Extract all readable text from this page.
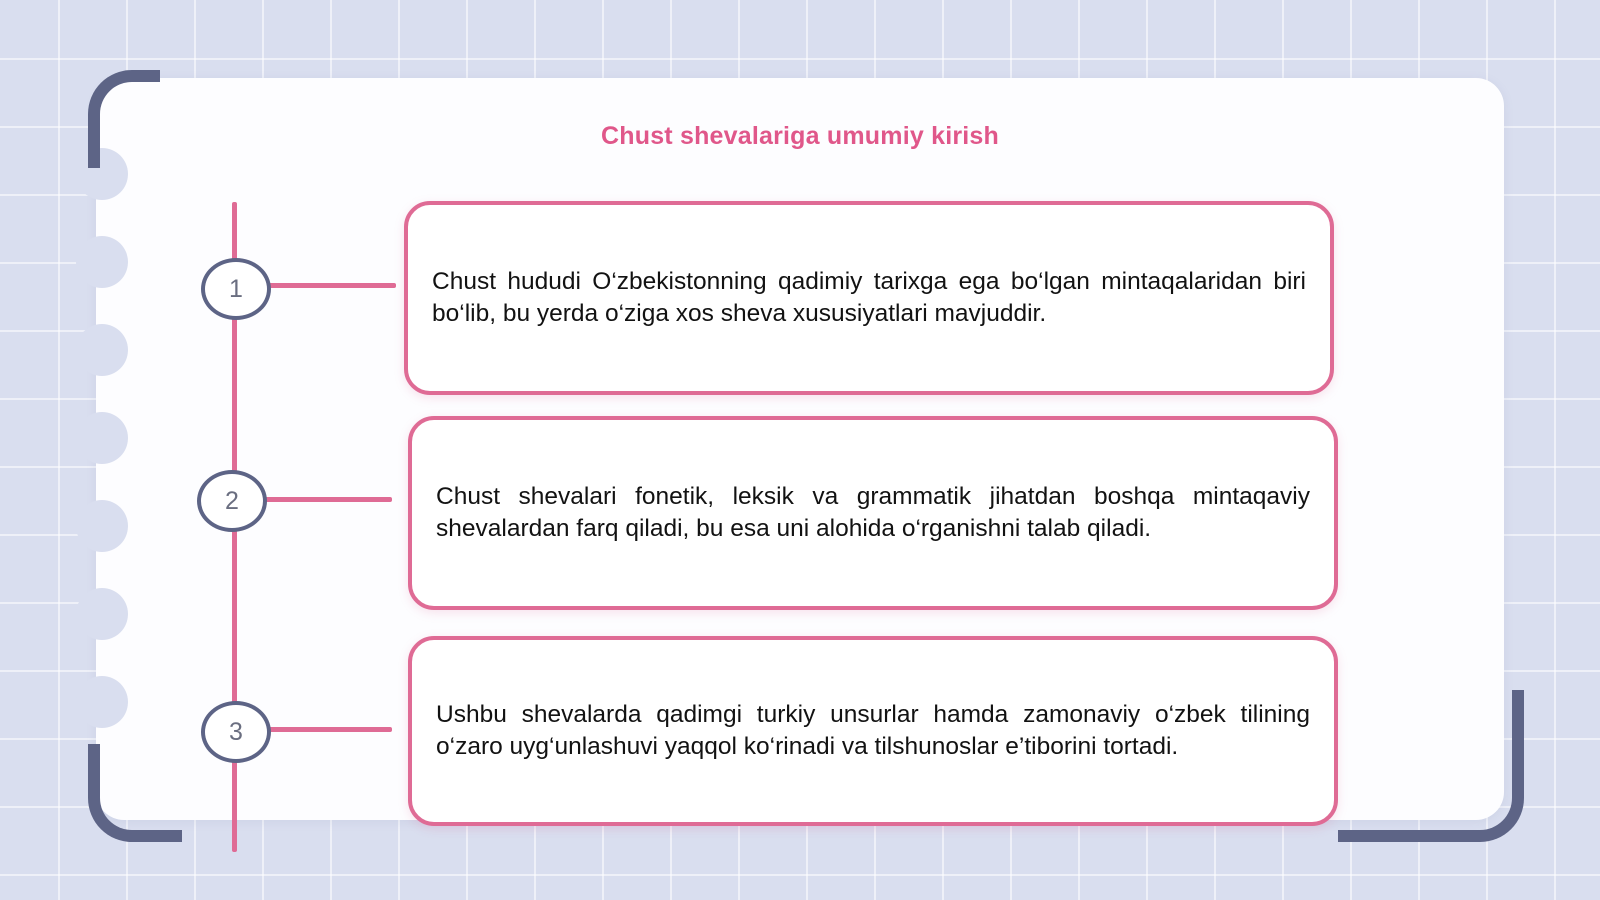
Chust shevalariga umumiy kirish
1
2
3
Chust hududi O‘zbekistonning qadimiy tarixga ega bo‘lgan mintaqalaridan biri bo‘lib, bu yerda o‘ziga xos sheva xususiyatlari mavjuddir.
Chust shevalari fonetik, leksik va grammatik jihatdan boshqa mintaqaviy shevalardan farq qiladi, bu esa uni alohida o‘rganishni talab qiladi.
Ushbu shevalarda qadimgi turkiy unsurlar hamda zamonaviy o‘zbek tilining o‘zaro uyg‘unlashuvi yaqqol ko‘rinadi va tilshunoslar e’tiborini tortadi.
